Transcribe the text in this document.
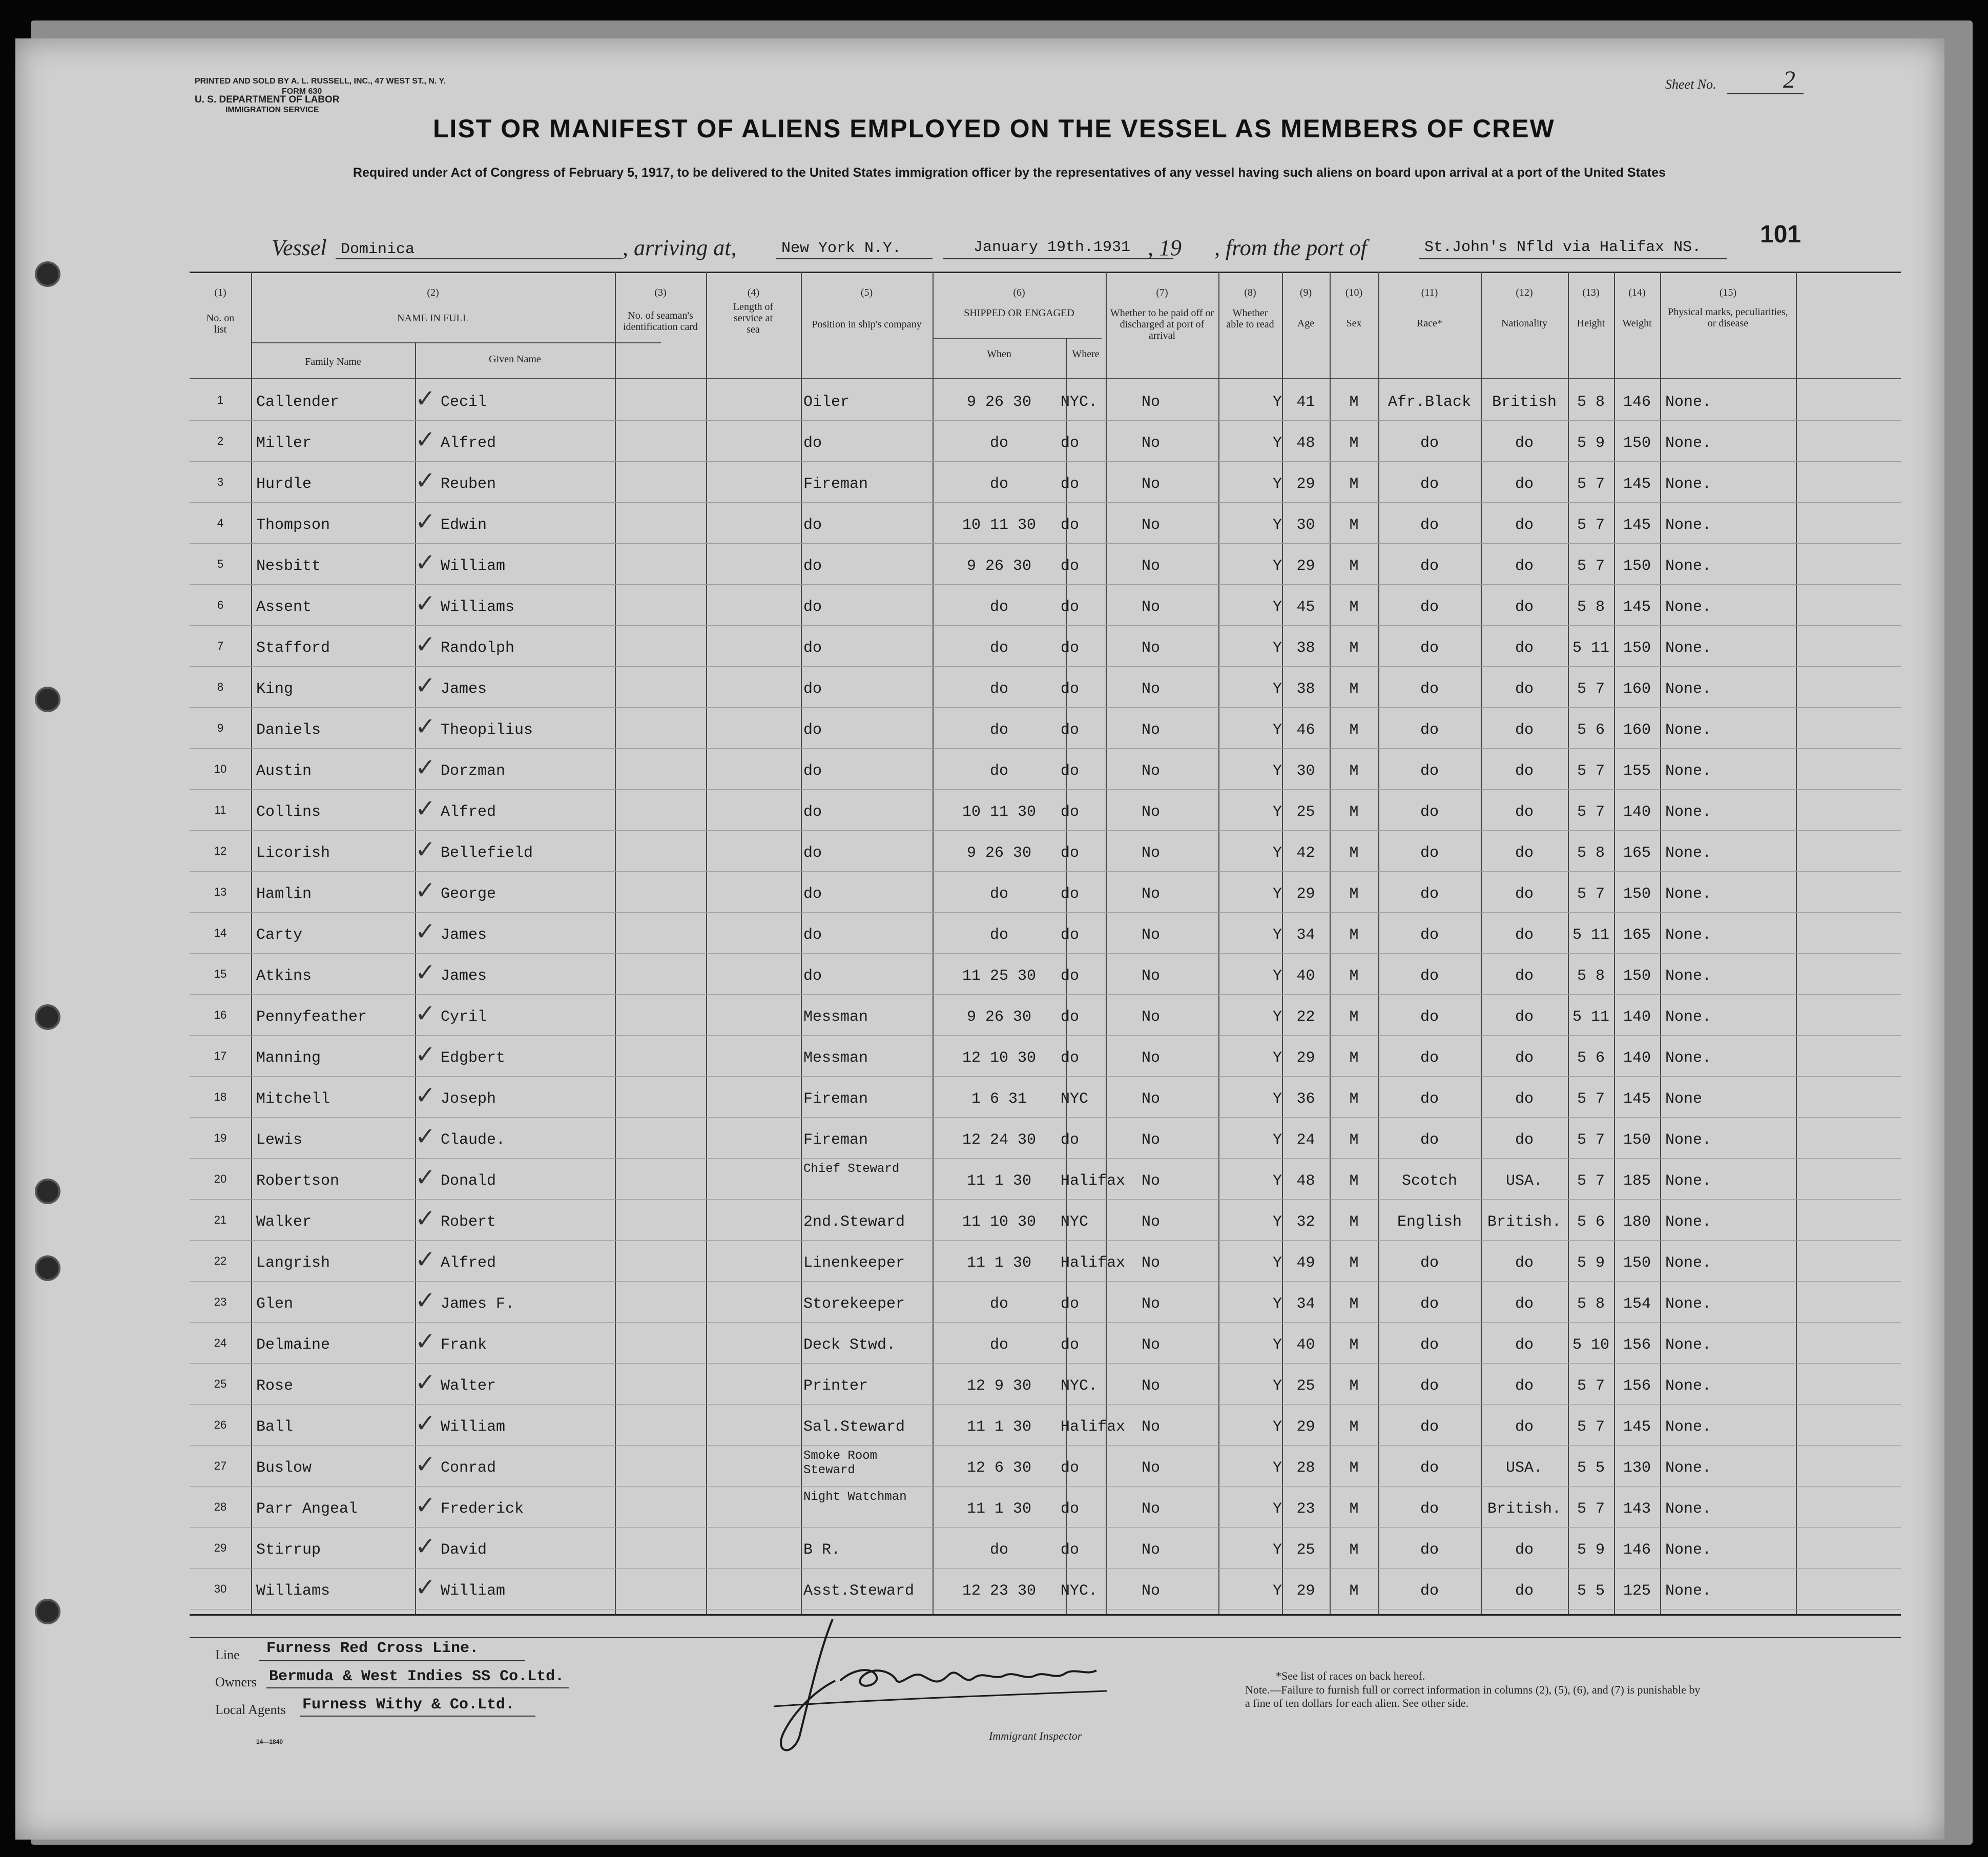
PRINTED AND SOLD BY A. L. RUSSELL, INC., 47 WEST ST., N. Y.
FORM 630
U. S. DEPARTMENT OF LABOR
IMMIGRATION SERVICE
Sheet No.	2
LIST OR MANIFEST OF ALIENS EMPLOYED ON THE VESSEL AS MEMBERS OF CREW
Required under Act of Congress of February 5, 1917, to be delivered to the United States immigration officer by the representatives of any vessel having such aliens on board upon arrival at a port of the United States
Vessel Dominica	, arriving at,	New York N.Y.	January 19th.1931 , 19 , from the port of	St.John's Nfld via Halifax NS. 101
(1)
No. on list
(2)
NAME IN FULL
Family Name	Given Name
(3)
No. of seaman's identification card
(4)
Length of service at sea
(5)
Position in ship's company
(6)
SHIPPED OR ENGAGED
When	Where
(7)
Whether to be paid off or discharged at port of arrival
(8)
Whether able to read
(9)
Age
(10)
Sex
(11)
Race*
(12)
Nationality
(13)
Height
(14)
Weight
(15)
Physical marks, peculiarities, or disease
✓
1	Callender	Cecil	Oiler	9 26 30	NYC.	No	Y 41	M	Afr.Black	British	5 8	146 None.
✓
2	Miller	Alfred	do	do	do	No	Y 48	M	do	do	5 9	150 None.
✓
3	Hurdle	Reuben	Fireman	do	do	No	Y 29	M	do	do	5 7	145 None.
✓
4	Thompson	Edwin	do	10 11 30	do	No	Y 30	M	do	do	5 7	145 None.
✓
5	Nesbitt	William	do	9 26 30	do	No	Y 29	M	do	do	5 7	150 None.
✓
6	Assent	Williams	do	do	do	No	Y 45	M	do	do	5 8	145 None.
✓
7	Stafford	Randolph	do	do	do	No	Y 38	M	do	do	5 11 150 None.
✓
8	King	James	do	do	do	No	Y 38	M	do	do	5 7	160 None.
✓
9	Daniels	Theopilius	do	do	do	No	Y 46	M	do	do	5 6	160 None.
✓
10	Austin	Dorzman	do	do	do	No	Y 30	M	do	do	5 7	155 None.
✓
11	Collins	Alfred	do	10 11 30	do	No	Y 25	M	do	do	5 7	140 None.
✓
12	Licorish	Bellefield	do	9 26 30	do	No	Y 42	M	do	do	5 8	165 None.
✓
13	Hamlin	George	do	do	do	No	Y 29	M	do	do	5 7	150 None.
✓
14	Carty	James	do	do	do	No	Y 34	M	do	do	5 11 165 None.
✓
15	Atkins	James	do	11 25 30	do	No	Y 40	M	do	do	5 8	150 None.
✓
16	Pennyfeather	Cyril	Messman	9 26 30	do	No	Y 22	M	do	do	5 11 140 None.
✓
17	Manning	Edgbert	Messman	12 10 30	do	No	Y 29	M	do	do	5 6	140 None.
✓
18	Mitchell	Joseph	Fireman	1 6 31	NYC	No	Y 36	M	do	do	5 7	145 None
✓
19	Lewis	Claude.	Fireman	12 24 30	do	No	Y 24	M	do	do	5 7	150 None.
✓
20	Robertson	Donald
Chief Steward
11 1 30	Halifax	No	Y 48	M	Scotch	USA.	5 7	185 None.
✓
21	Walker	Robert	2nd.Steward	11 10 30	NYC	No	Y 32	M	English	British.	5 6	180 None.
✓
22	Langrish	Alfred	Linenkeeper	11 1 30	Halifax	No	Y 49	M	do	do	5 9	150 None.
✓
23	Glen	James F.	Storekeeper	do	do	No	Y 34	M	do	do	5 8	154 None.
✓
24	Delmaine	Frank	Deck Stwd.	do	do	No	Y 40	M	do	do	5 10 156 None.
✓
25	Rose	Walter	Printer	12 9 30	NYC.	No	Y 25	M	do	do	5 7	156 None.
✓
26	Ball	William	Sal.Steward	11 1 30	Halifax	No	Y 29	M	do	do	5 7	145 None.
✓
27	Buslow	Conrad
Smoke Room Steward	12 6 30	do	No	Y 28	M	do	USA.	5 5	130 None.
✓
28	Parr Angeal	Frederick
Night Watchman
11 1 30	do	No	Y 23	M	do	British.	5 7	143 None.
✓
29	Stirrup	David	B R.	do	do	No	Y 25	M	do	do	5 9	146 None.
✓
30	Williams	William	Asst.Steward	12 23 30	NYC.	No	Y 29	M	do	do	5 5	125 None.
Line Furness Red Cross Line.
Owners Bermuda & West Indies SS Co.Ltd.
Local Agents Furness Withy & Co.Ltd.
14—1840	Immigrant Inspector
*See list of races on back hereof.
Note.—Failure to furnish full or correct information in columns (2), (5), (6), and (7) is punishable by a fine of ten dollars for each alien. See other side.
